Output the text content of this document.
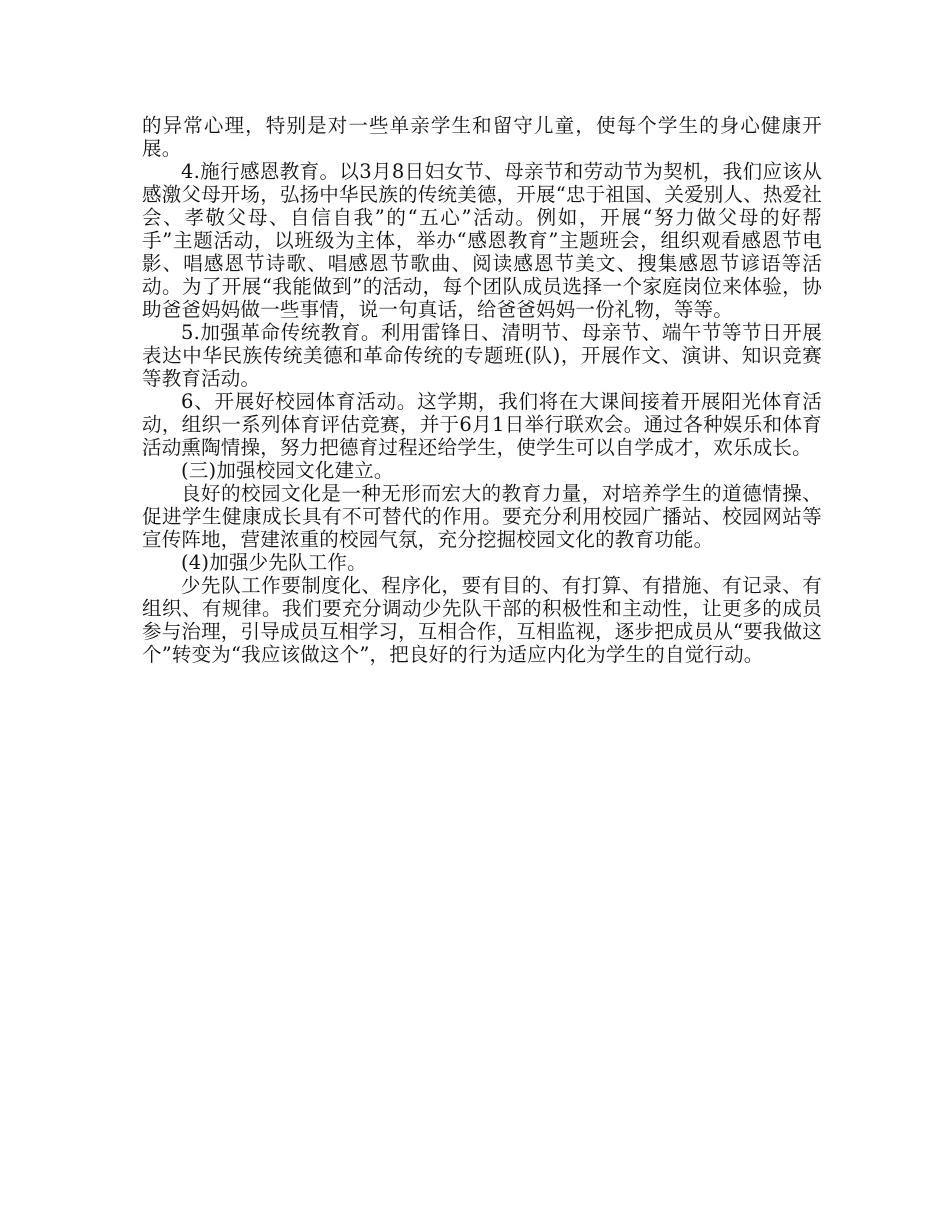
的异常心理，特别是对一些单亲学生和留守儿童，使每个学生的身心健康开展。

4.施行感恩教育。以3月8日妇女节、母亲节和劳动节为契机，我们应该从感激父母开场，弘扬中华民族的传统美德，开展“忠于祖国、关爱别人、热爱社会、孝敬父母、自信自我”的“五心”活动。例如，开展“努力做父母的好帮手”主题活动，以班级为主体，举办“感恩教育”主题班会，组织观看感恩节电影、唱感恩节诗歌、唱感恩节歌曲、阅读感恩节美文、搜集感恩节谚语等活动。为了开展“我能做到”的活动，每个团队成员选择一个家庭岗位来体验，协助爸爸妈妈做一些事情，说一句真话，给爸爸妈妈一份礼物，等等。

5.加强革命传统教育。利用雷锋日、清明节、母亲节、端午节等节日开展表达中华民族传统美德和革命传统的专题班(队)，开展作文、演讲、知识竞赛等教育活动。

6、开展好校园体育活动。这学期，我们将在大课间接着开展阳光体育活动，组织一系列体育评估竞赛，并于6月1日举行联欢会。通过各种娱乐和体育活动熏陶情操，努力把德育过程还给学生，使学生可以自学成才，欢乐成长。

(三)加强校园文化建立。

良好的校园文化是一种无形而宏大的教育力量，对培养学生的道德情操、促进学生健康成长具有不可替代的作用。要充分利用校园广播站、校园网站等宣传阵地，营建浓重的校园气氛，充分挖掘校园文化的教育功能。

(4)加强少先队工作。

少先队工作要制度化、程序化，要有目的、有打算、有措施、有记录、有组织、有规律。我们要充分调动少先队干部的积极性和主动性，让更多的成员参与治理，引导成员互相学习，互相合作，互相监视，逐步把成员从“要我做这个”转变为“我应该做这个”，把良好的行为适应内化为学生的自觉行动。
